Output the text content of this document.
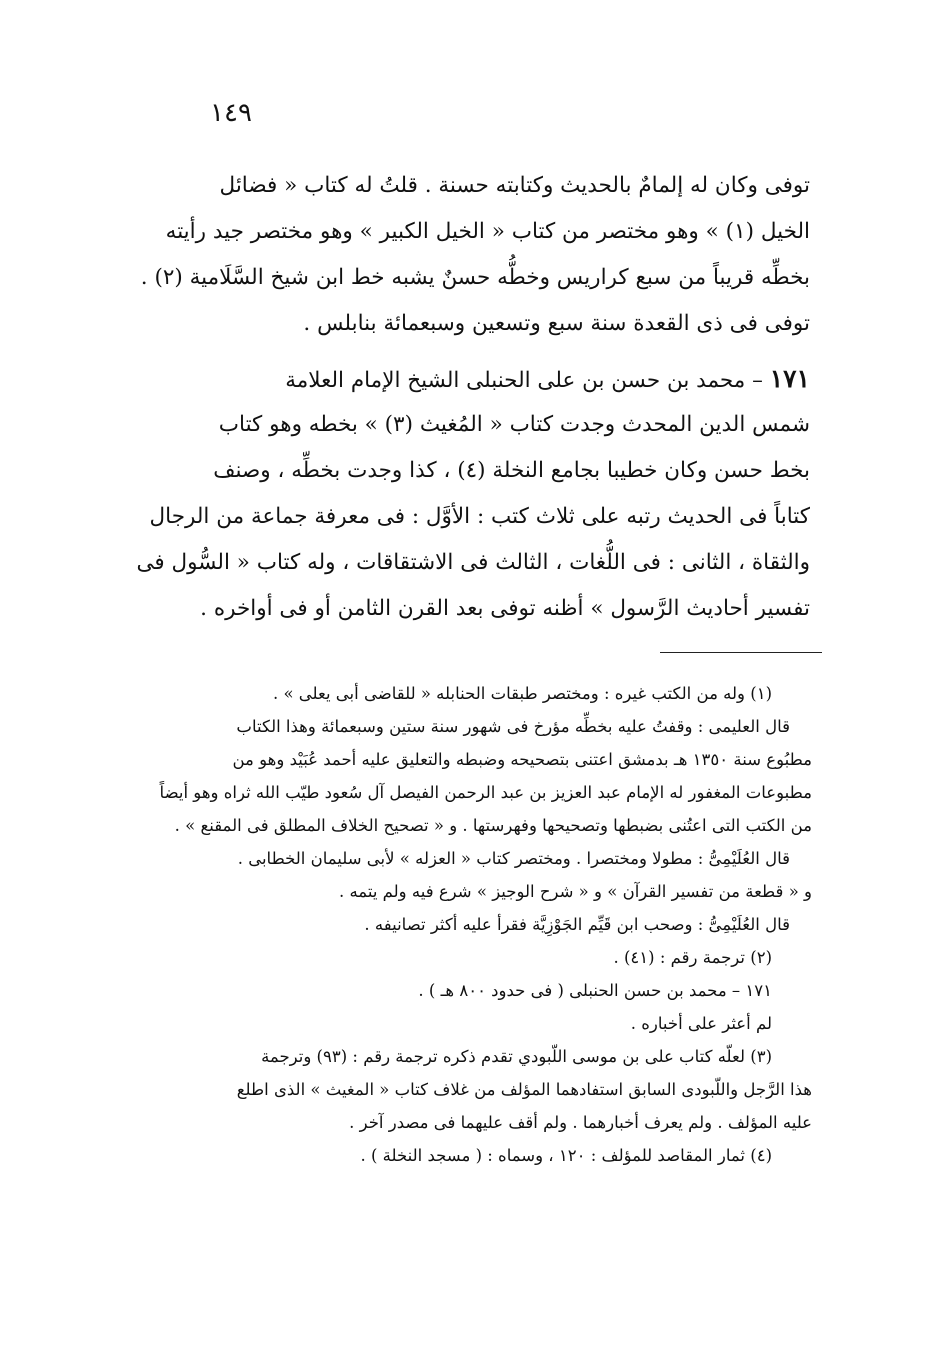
١٤٩
توفى وكان له إلمامٌ بالحديث وكتابته حسنة . قلتُ له كتاب « فضائل
الخيل (١) » وهو مختصر من كتاب « الخيل الكبير » وهو مختصر جيد رأيته
بخطِّه قريباً من سبع كراريس وخطُّه حسنٌ يشبه خط ابن شيخ السَّلَامية (٢) .
توفى فى ذى القعدة سنة سبع وتسعين وسبعمائة بنابلس .
١٧١ – محمد بن حسن بن على الحنبلى الشيخ الإمام العلامة
شمس الدين المحدث وجدت كتاب « المُغيث (٣) » بخطه وهو كتاب
بخط حسن وكان خطيبا بجامع النخلة (٤) ، كذا وجدت بخطِّه ، وصنف
كتاباً فى الحديث رتبه على ثلاث كتب : الأوَّل : فى معرفة جماعة من الرجال
والثقاة ، الثانى : فى اللُّغات ، الثالث فى الاشتقاقات ، وله كتاب « السُّول فى
تفسير أحاديث الرَّسول » أظنه توفى بعد القرن الثامن أو فى أواخره .
(١) وله من الكتب غيره : ومختصر طبقات الحنابله « للقاضى أبى يعلى » .
قال العليمى : وقفتُ عليه بخطِّه مؤرخ فى شهور سنة ستين وسبعمائة وهذا الكتاب
مطبُوع سنة ١٣٥٠ هـ بدمشق اعتنى بتصحيحه وضبطه والتعليق عليه أحمد عُبَيْد وهو من
مطبوعات المغفور له الإمام عبد العزيز بن عبد الرحمن الفيصل آل سُعود طيّب الله ثراه وهو أيضاً
من الكتب التى اعتُنى بضبطها وتصحيحها وفهرستها . و « تصحيح الخلاف المطلق فى المقنع » .
قال العُلَيْمِىُّ : مطولا ومختصرا . ومختصر كتاب « العزله » لأبى سليمان الخطابى .
و « قطعة من تفسير القرآن » و « شرح الوجيز » شرع فيه ولم يتمه .
قال العُلَيْمِىُّ : وصحب ابن قَيِّم الجَوْزِيَّة فقرأ عليه أكثر تصانيفه .
(٢) ترجمة رقم : (٤١) .
١٧١ – محمد بن حسن الحنبلى ( فى حدود ٨٠٠ هـ ) .
لم أعثر على أخباره .
(٣) لعلّه كتاب على بن موسى اللّبودي تقدم ذكره ترجمة رقم : (٩٣) وترجمة
هذا الرَّجل واللّبودى السابق استفادهما المؤلف من غلاف كتاب « المغيث » الذى اطلع
عليه المؤلف . ولم يعرف أخبارهما . ولم أقف عليهما فى مصدر آخر .
(٤) ثمار المقاصد للمؤلف : ١٢٠ ، وسماه : ( مسجد النخلة ) .
